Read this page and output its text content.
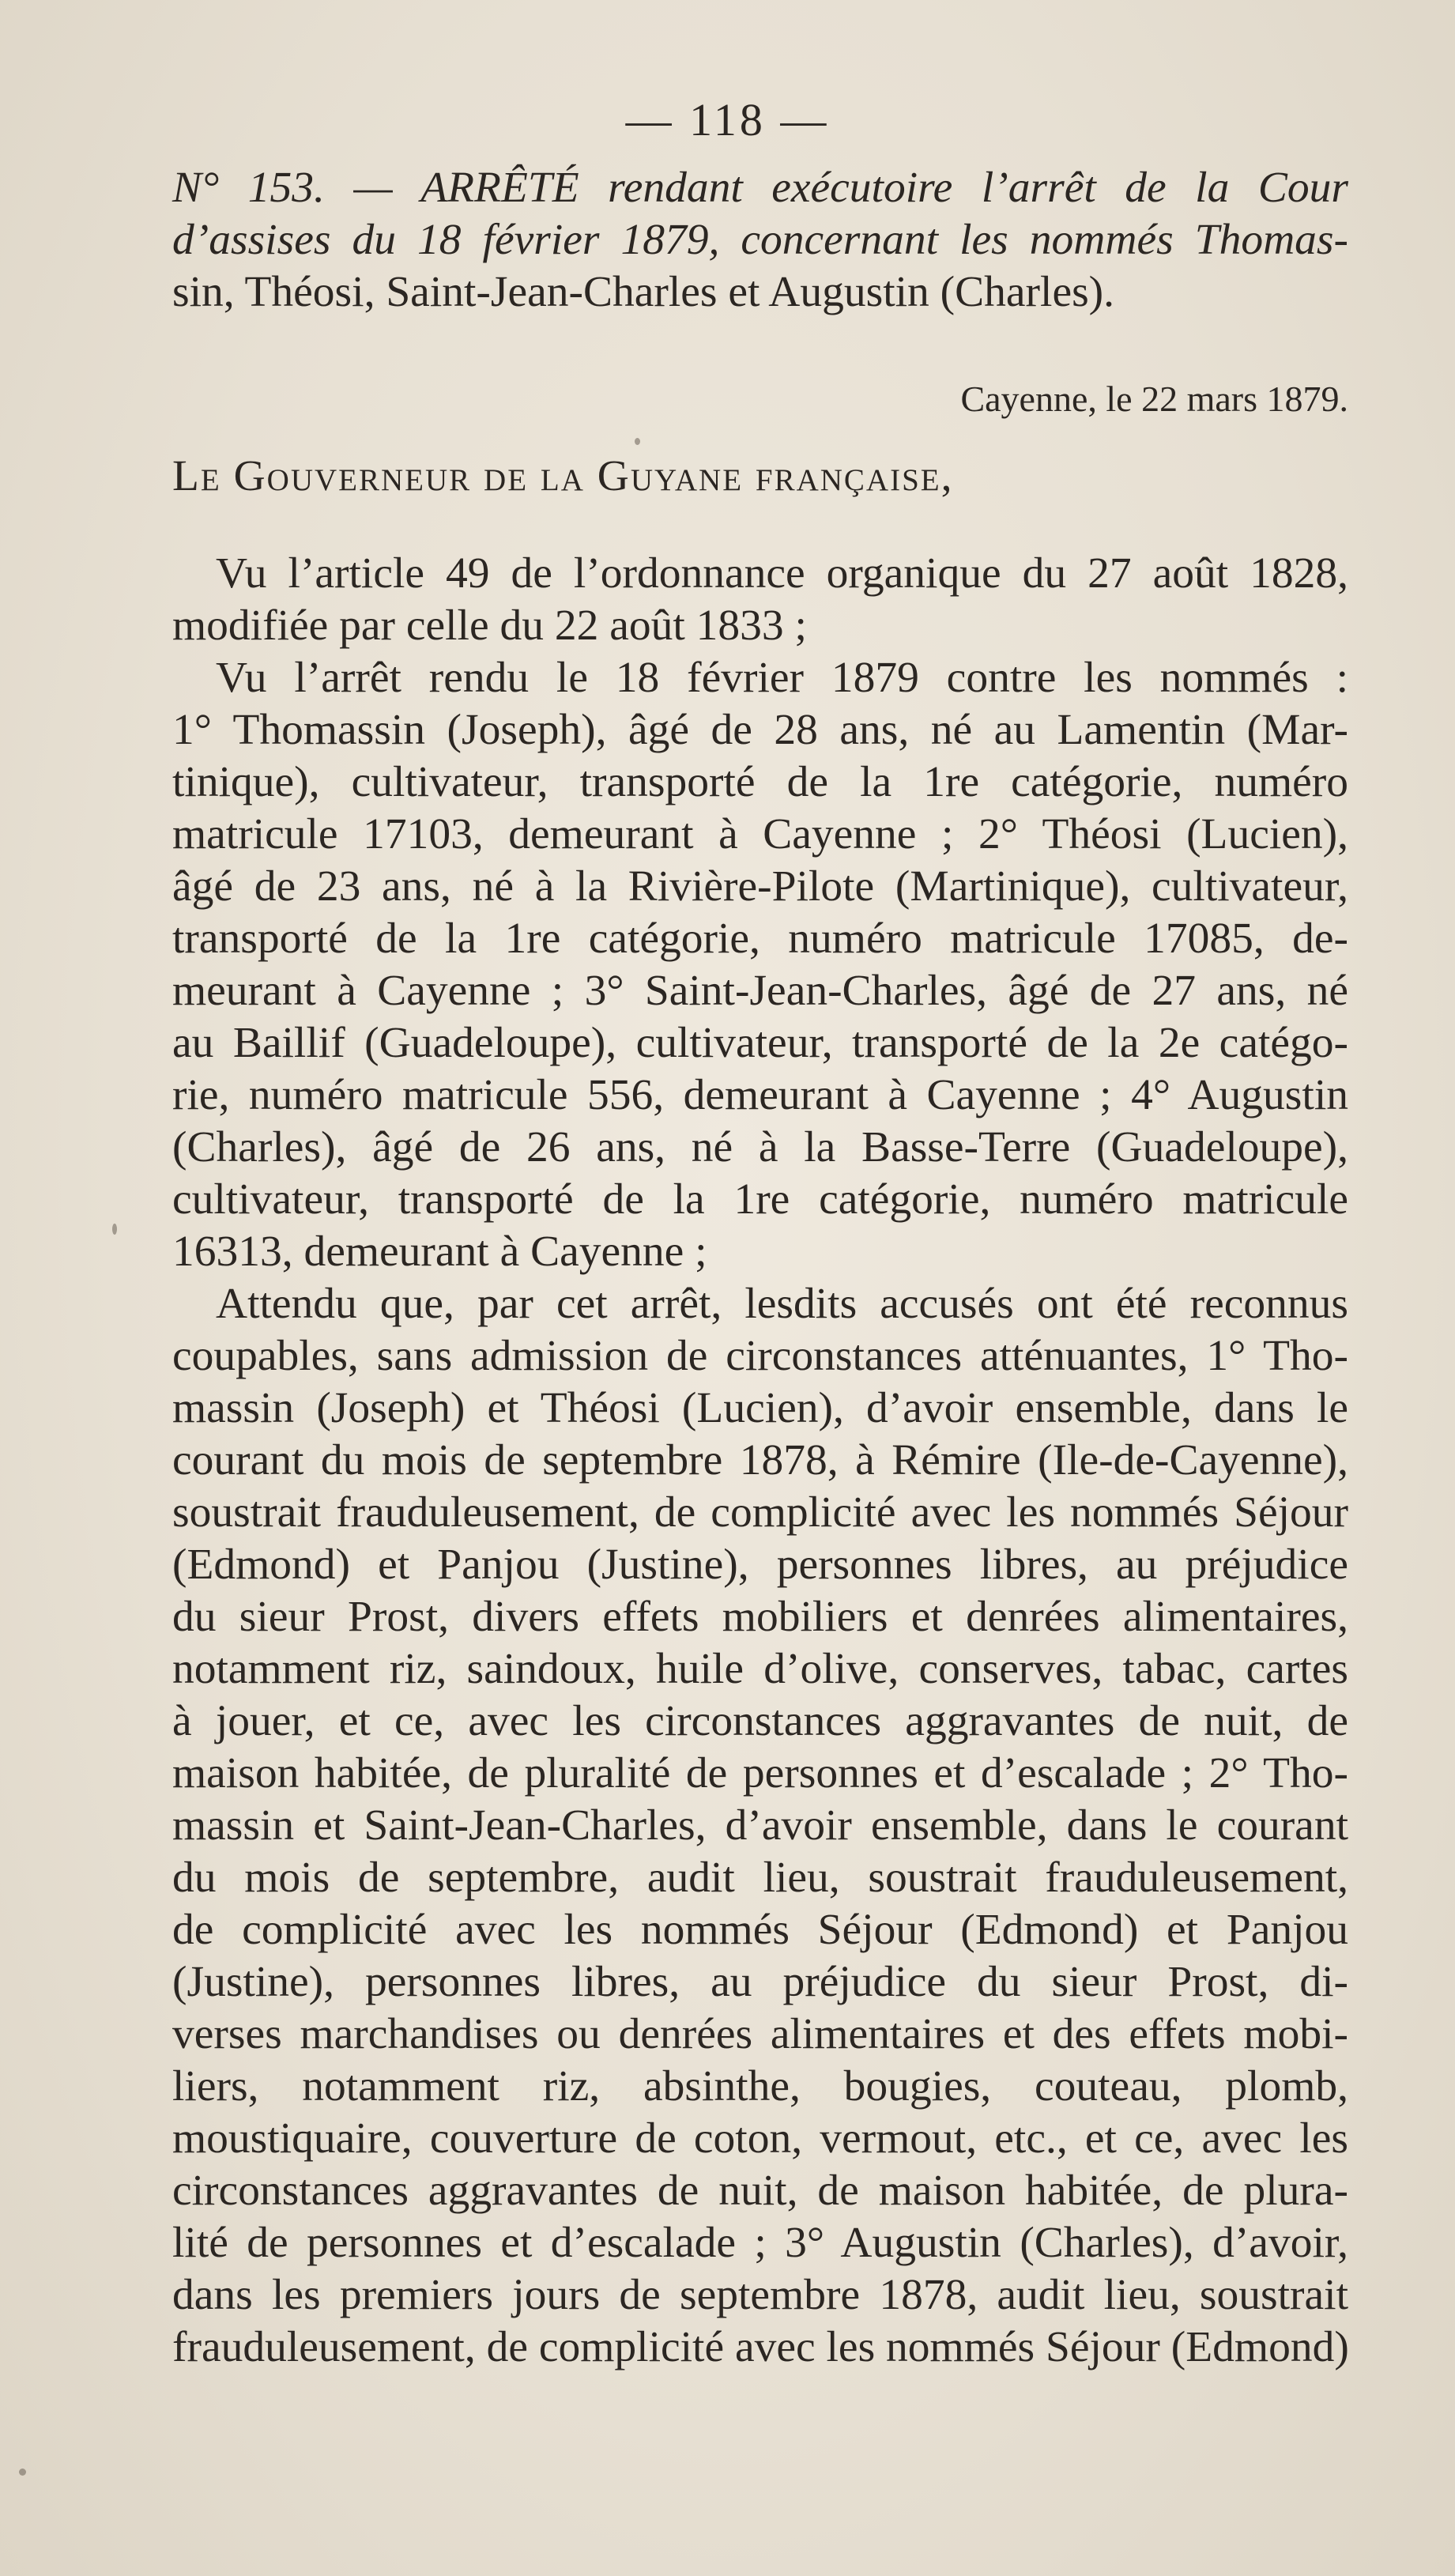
— 118 —
N° 153. — ARRÊTÉ rendant exécutoire l’arrêt de la Cour
d’assises du 18 février 1879, concernant les nommés Thomas-
sin, Théosi, Saint-Jean-Charles et Augustin (Charles).
Cayenne, le 22 mars 1879.
Le Gouverneur de la Guyane française,
Vu l’article 49 de l’ordonnance organique du 27 août 1828,
modifiée par celle du 22 août 1833 ;
Vu l’arrêt rendu le 18 février 1879 contre les nommés :
1° Thomassin (Joseph), âgé de 28 ans, né au Lamentin (Mar-
tinique), cultivateur, transporté de la 1re catégorie, numéro
matricule 17103, demeurant à Cayenne ; 2° Théosi (Lucien),
âgé de 23 ans, né à la Rivière-Pilote (Martinique), cultivateur,
transporté de la 1re catégorie, numéro matricule 17085, de-
meurant à Cayenne ; 3° Saint-Jean-Charles, âgé de 27 ans, né
au Baillif (Guadeloupe), cultivateur, transporté de la 2e catégo-
rie, numéro matricule 556, demeurant à Cayenne ; 4° Augustin
(Charles), âgé de 26 ans, né à la Basse-Terre (Guadeloupe),
cultivateur, transporté de la 1re catégorie, numéro matricule
16313, demeurant à Cayenne ;
Attendu que, par cet arrêt, lesdits accusés ont été reconnus
coupables, sans admission de circonstances atténuantes, 1° Tho-
massin (Joseph) et Théosi (Lucien), d’avoir ensemble, dans le
courant du mois de septembre 1878, à Rémire (Ile-de-Cayenne),
soustrait frauduleusement, de complicité avec les nommés Séjour
(Edmond) et Panjou (Justine), personnes libres, au préjudice
du sieur Prost, divers effets mobiliers et denrées alimentaires,
notamment riz, saindoux, huile d’olive, conserves, tabac, cartes
à jouer, et ce, avec les circonstances aggravantes de nuit, de
maison habitée, de pluralité de personnes et d’escalade ; 2° Tho-
massin et Saint-Jean-Charles, d’avoir ensemble, dans le courant
du mois de septembre, audit lieu, soustrait frauduleusement,
de complicité avec les nommés Séjour (Edmond) et Panjou
(Justine), personnes libres, au préjudice du sieur Prost, di-
verses marchandises ou denrées alimentaires et des effets mobi-
liers, notamment riz, absinthe, bougies, couteau, plomb,
moustiquaire, couverture de coton, vermout, etc., et ce, avec les
circonstances aggravantes de nuit, de maison habitée, de plura-
lité de personnes et d’escalade ; 3° Augustin (Charles), d’avoir,
dans les premiers jours de septembre 1878, audit lieu, soustrait
frauduleusement, de complicité avec les nommés Séjour (Edmond)
